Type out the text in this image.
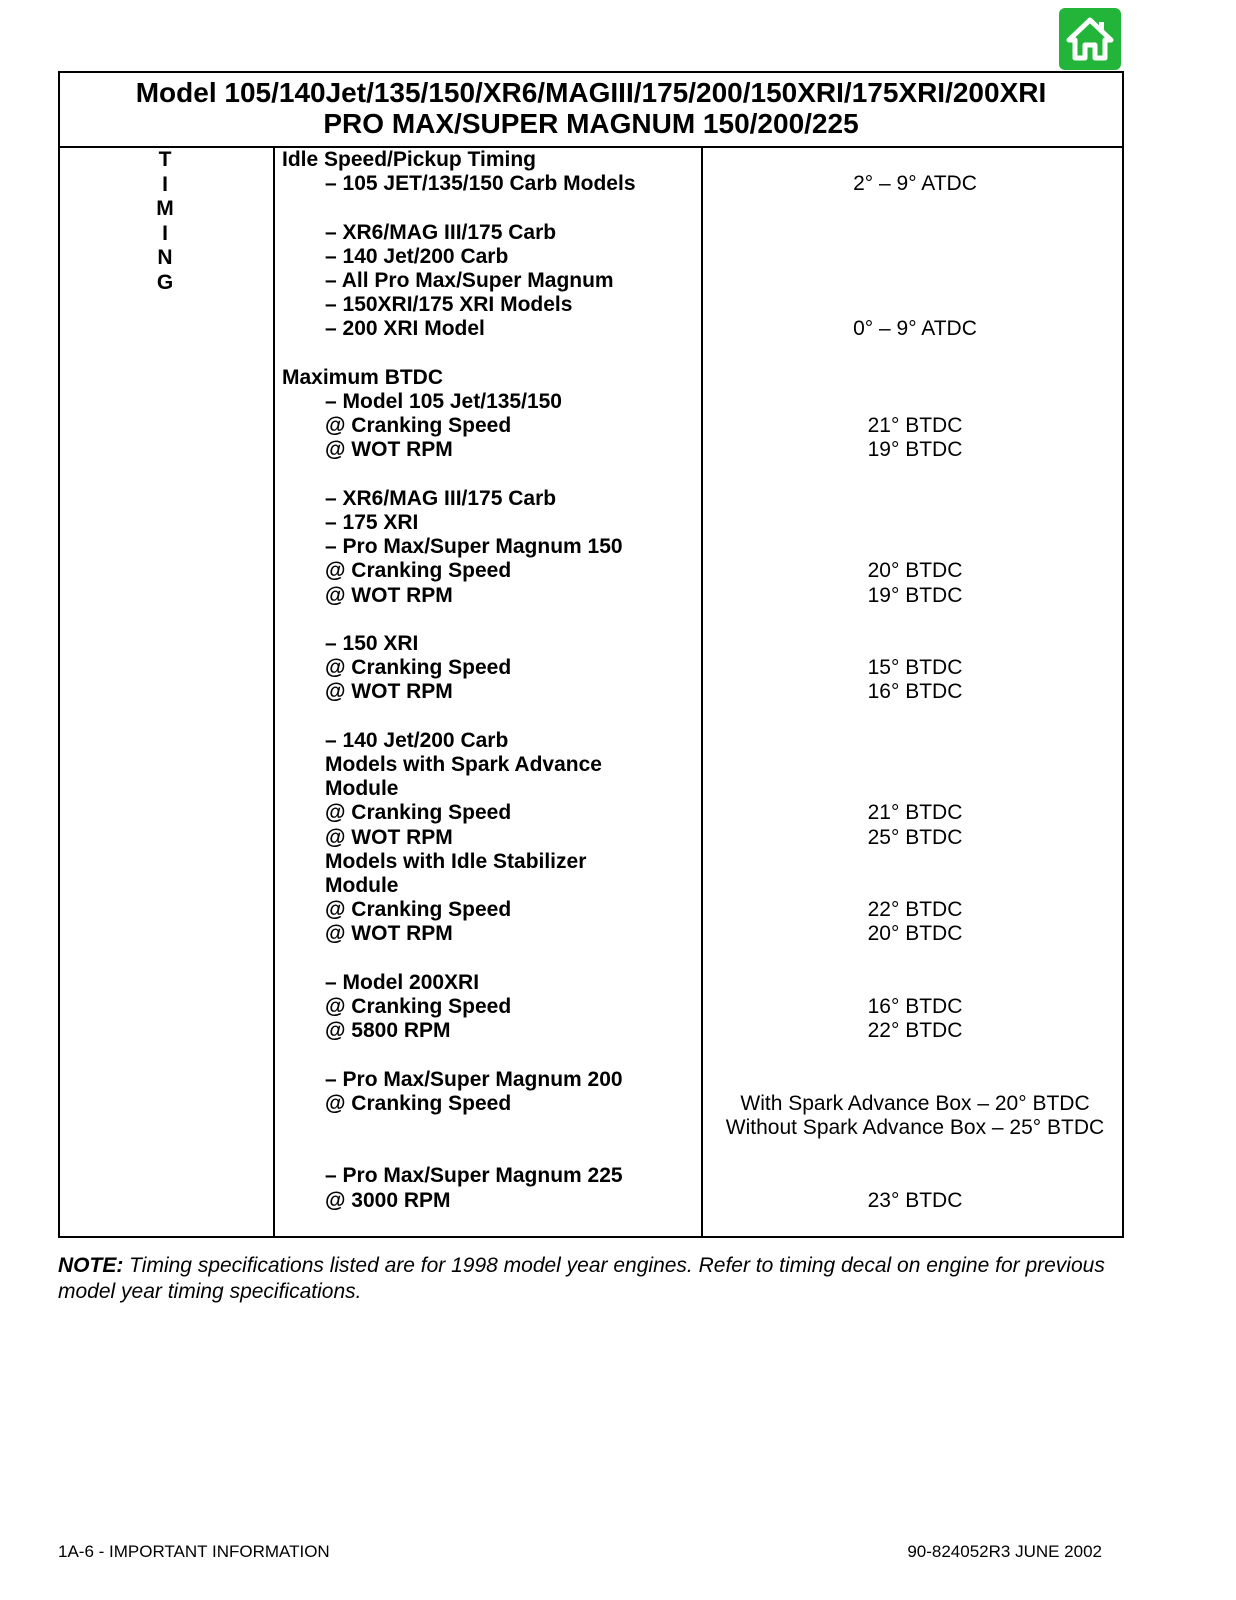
Model 105/140Jet/135/150/XR6/MAGIII/175/200/150XRI/175XRI/200XRI
PRO MAX/SUPER MAGNUM 150/200/225
T
I
M
I
N
G
Idle Speed/Pickup Timing
– 105 JET/135/150 Carb Models	2° – 9° ATDC
– XR6/MAG III/175 Carb
– 140 Jet/200 Carb
– All Pro Max/Super Magnum
– 150XRI/175 XRI Models
– 200 XRI Model	0° – 9° ATDC
Maximum BTDC
– Model 105 Jet/135/150
@ Cranking Speed	21° BTDC
@ WOT RPM	19° BTDC
– XR6/MAG III/175 Carb
– 175 XRI
– Pro Max/Super Magnum 150
@ Cranking Speed	20° BTDC
@ WOT RPM	19° BTDC
– 150 XRI
@ Cranking Speed	15° BTDC
@ WOT RPM	16° BTDC
– 140 Jet/200 Carb
Models with Spark Advance
Module
@ Cranking Speed	21° BTDC
@ WOT RPM	25° BTDC
Models with Idle Stabilizer
Module
@ Cranking Speed	22° BTDC
@ WOT RPM	20° BTDC
– Model 200XRI
@ Cranking Speed	16° BTDC
@ 5800 RPM	22° BTDC
– Pro Max/Super Magnum 200
@ Cranking Speed	With Spark Advance Box – 20° BTDC
Without Spark Advance Box – 25° BTDC
– Pro Max/Super Magnum 225
@ 3000 RPM	23° BTDC
NOTE: Timing specifications listed are for 1998 model year engines. Refer to timing decal on engine for previous model year timing specifications.
1A-6 - IMPORTANT INFORMATION	90-824052R3 JUNE 2002
